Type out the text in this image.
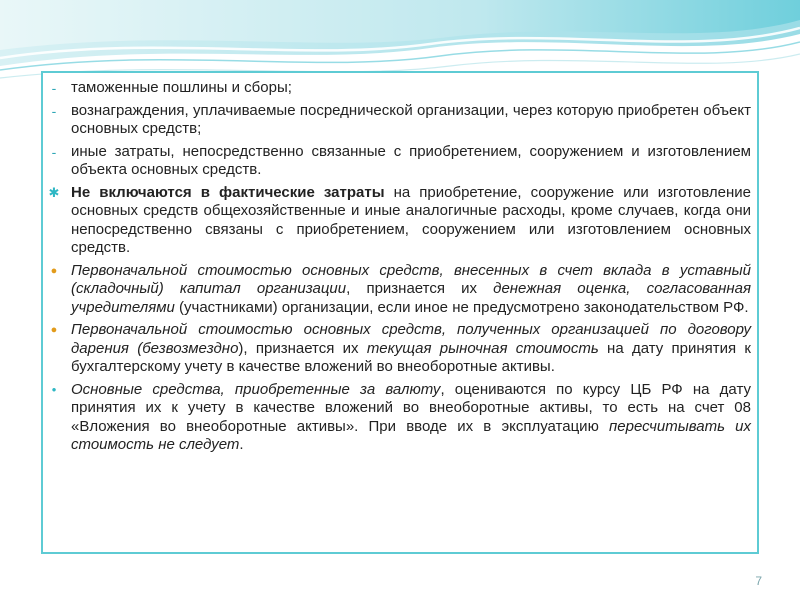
- таможенные пошлины и сборы;
- вознаграждения, уплачиваемые посреднической организации, через которую приобретен объект основных средств;
- иные затраты, непосредственно связанные с приобретением, сооружением и изготовлением объекта основных средств.
✱ Не включаются в фактические затраты на приобретение, сооружение или изготовление основных средств общехозяйственные и иные аналогичные расходы, кроме случаев, когда они непосредственно связаны с приобретением, сооружением или изготовлением основных средств.
● Первоначальной стоимостью основных средств, внесенных в счет вклада в уставный (складочный) капитал организации, признается их денежная оценка, согласованная учредителями (участниками) организации, если иное не предусмотрено законодательством РФ.
● Первоначальной стоимостью основных средств, полученных организацией по договору дарения (безвозмездно), признается их текущая рыночная стоимость на дату принятия к бухгалтерскому учету в качестве вложений во внеоборотные активы.
• Основные средства, приобретенные за валюту, оцениваются по курсу ЦБ РФ на дату принятия их к учету в качестве вложений во внеоборотные активы, то есть на счет 08 «Вложения во внеоборотные активы». При вводе их в эксплуатацию пересчитывать их стоимость не следует.
7
